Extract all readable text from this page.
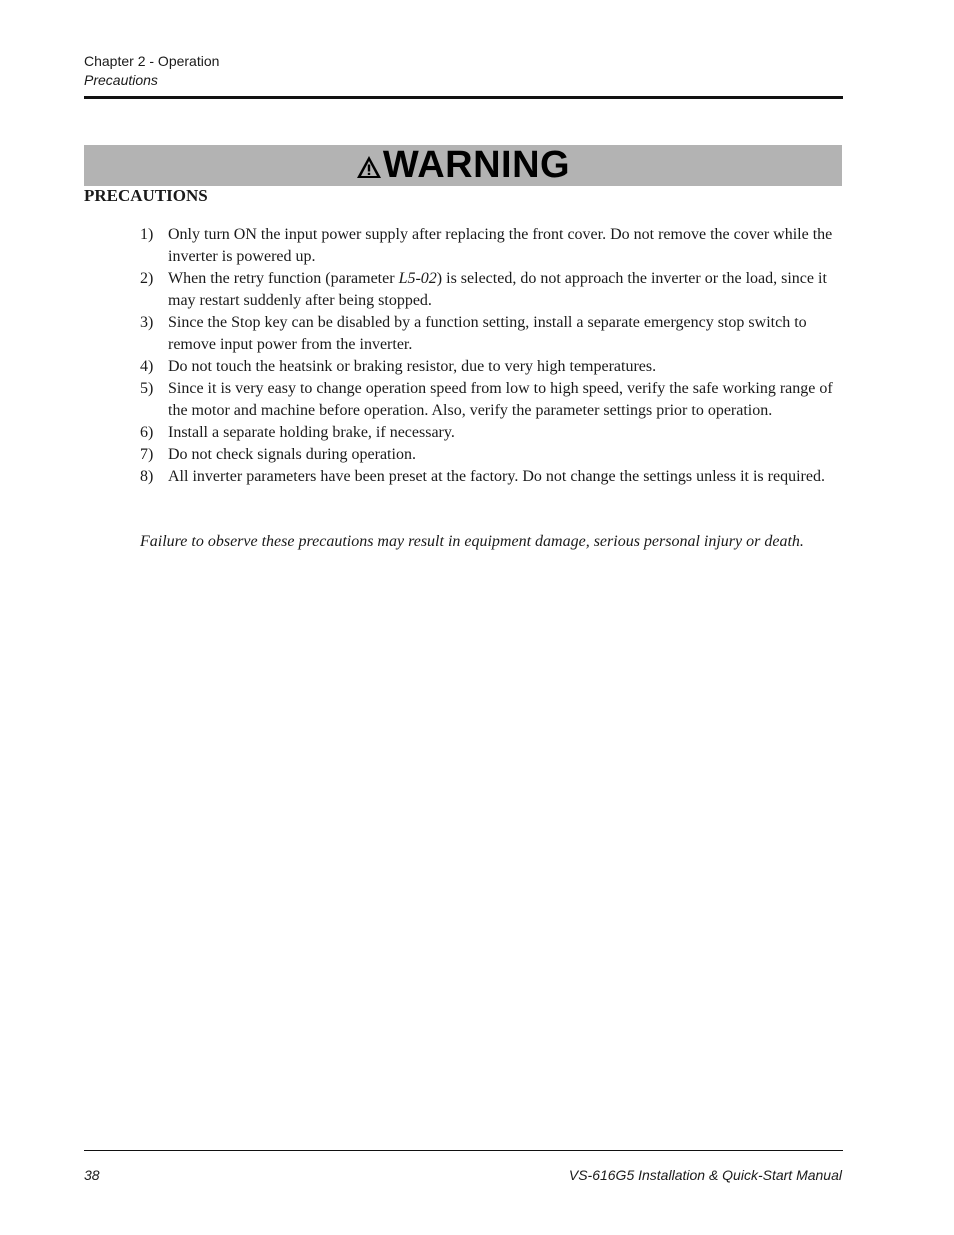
Chapter 2 - Operation
Precautions
WARNING
PRECAUTIONS
1) Only turn ON the input power supply after replacing the front cover. Do not remove the cover while the inverter is powered up.
2) When the retry function (parameter L5-02) is selected, do not approach the inverter or the load, since it may restart suddenly after being stopped.
3) Since the Stop key can be disabled by a function setting, install a separate emergency stop switch to remove input power from the inverter.
4) Do not touch the heatsink or braking resistor, due to very high temperatures.
5) Since it is very easy to change operation speed from low to high speed, verify the safe working range of the motor and machine before operation. Also, verify the parameter settings prior to operation.
6) Install a separate holding brake, if necessary.
7) Do not check signals during operation.
8) All inverter parameters have been preset at the factory. Do not change the settings unless it is required.
Failure to observe these precautions may result in equipment damage, serious personal injury or death.
38	VS-616G5 Installation & Quick-Start Manual
